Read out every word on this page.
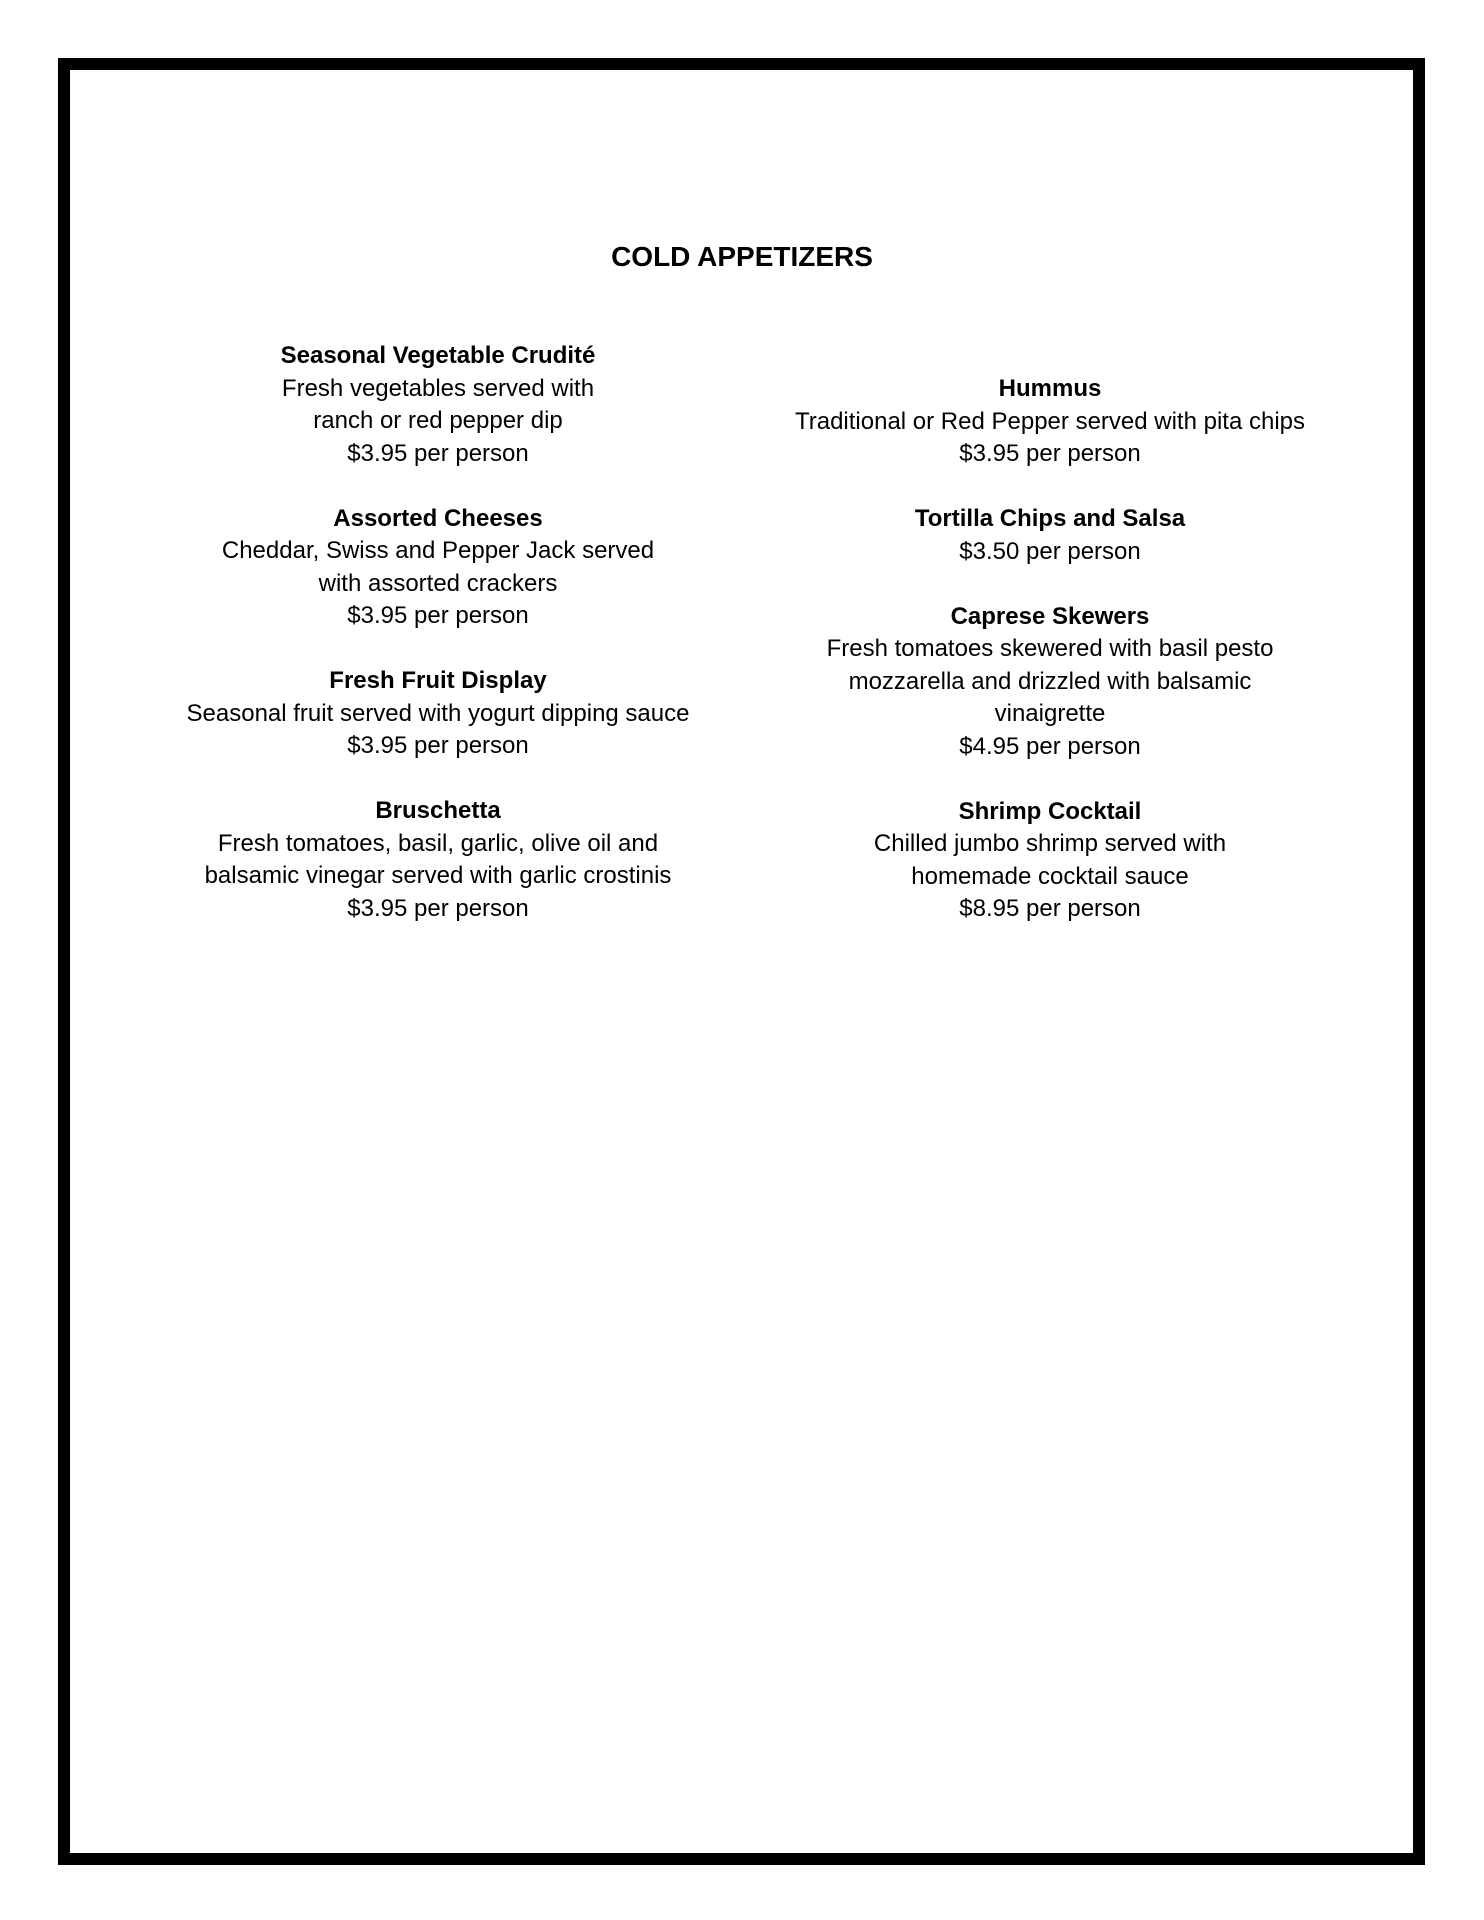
COLD APPETIZERS
Seasonal Vegetable Crudité
Fresh vegetables served with
ranch or red pepper dip
$3.95 per person
Assorted Cheeses
Cheddar, Swiss and Pepper Jack served
with assorted crackers
$3.95 per person
Fresh Fruit Display
Seasonal fruit served with yogurt dipping sauce
$3.95 per person
Bruschetta
Fresh tomatoes, basil, garlic, olive oil and
balsamic vinegar served with garlic crostinis
$3.95 per person
Hummus
Traditional or Red Pepper served with pita chips
$3.95 per person
Tortilla Chips and Salsa
$3.50 per person
Caprese Skewers
Fresh tomatoes skewered with basil pesto
mozzarella and drizzled with balsamic
vinaigrette
$4.95 per person
Shrimp Cocktail
Chilled jumbo shrimp served with
homemade cocktail sauce
$8.95 per person
